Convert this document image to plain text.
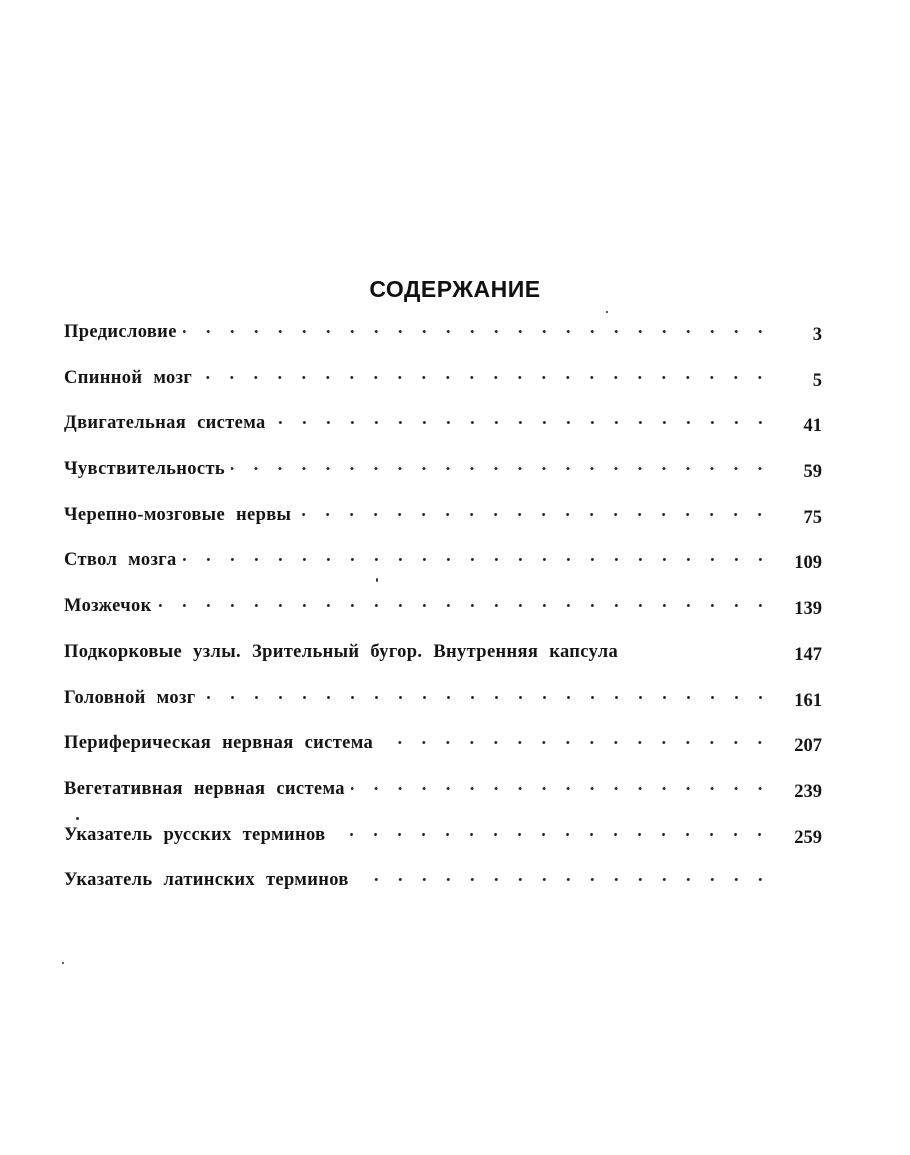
СОДЕРЖАНИЕ
Предисловие	3
Спинной мозг	5
Двигательная система	41
Чувствительность	59
Черепно-мозговые нервы	75
Ствол мозга	109
Мозжечок	139
Подкорковые узлы. Зрительный бугор. Внутренняя капсула	147
Головной мозг	161
Периферическая нервная система	207
Вегетативная нервная система	239
Указатель русских терминов	259
Указатель латинских терминов
